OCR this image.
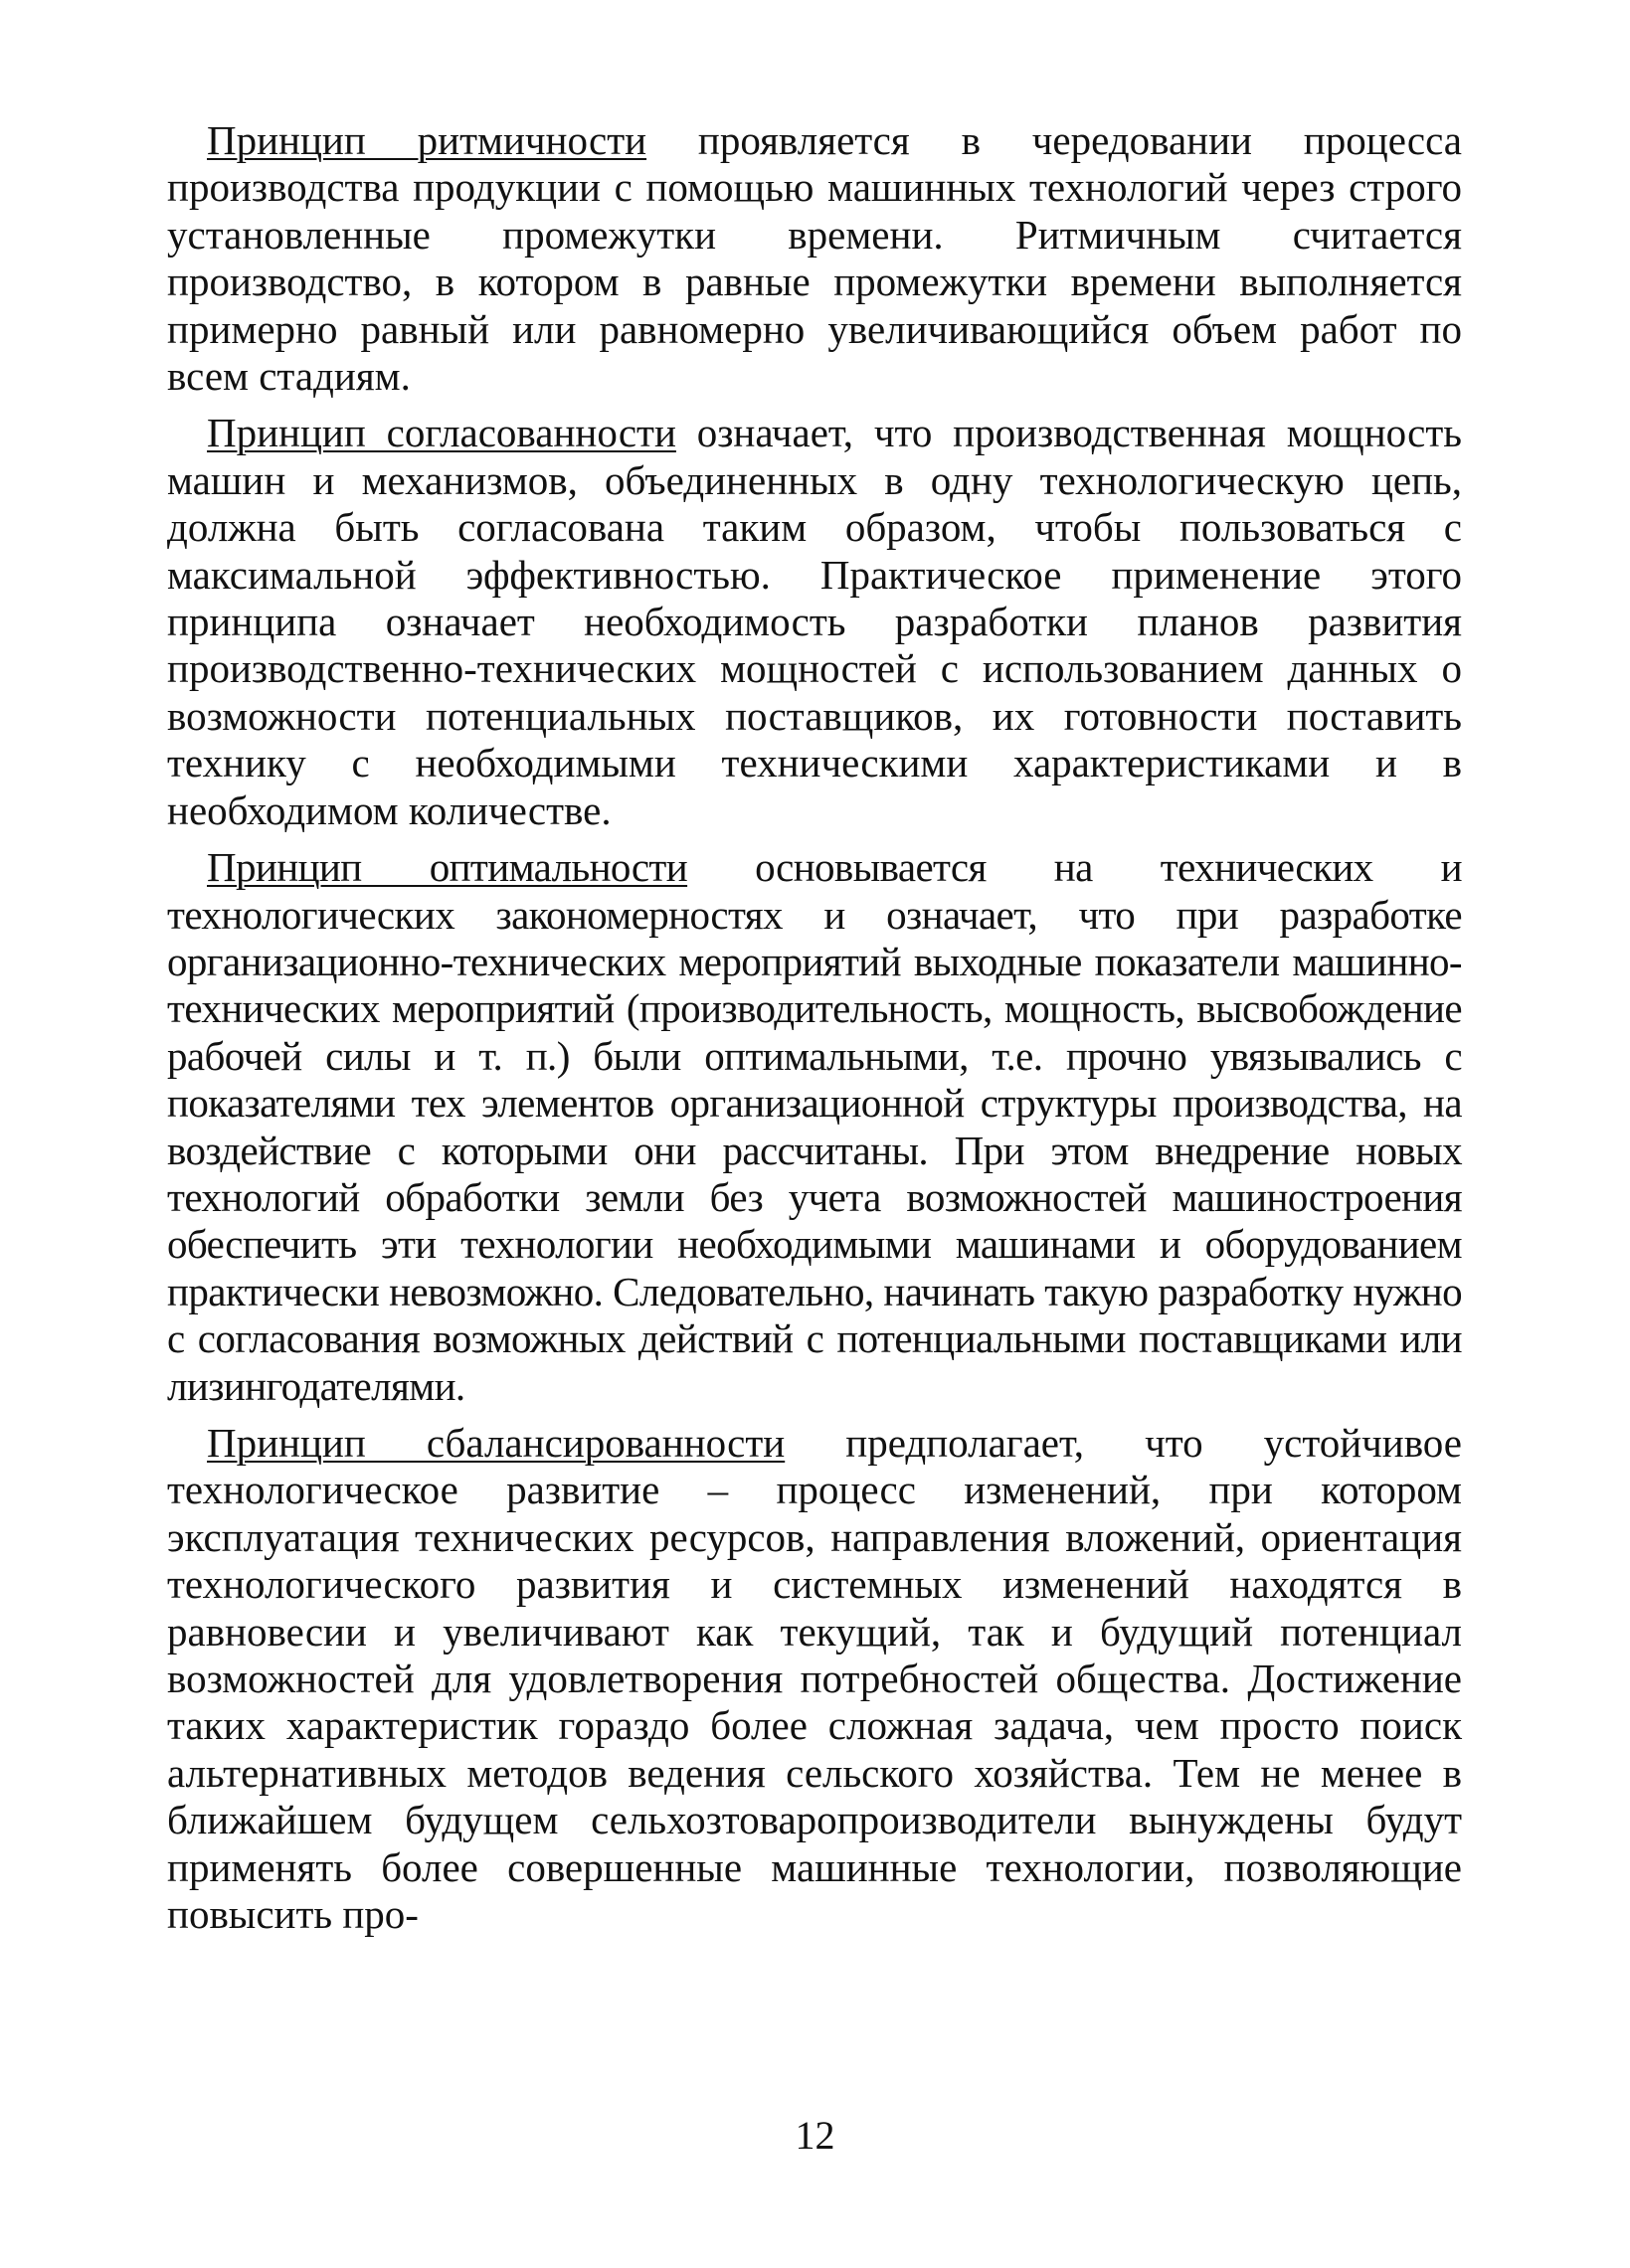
Принцип ритмичности проявляется в чередовании процесса производства продукции с помощью машинных технологий через строго установленные промежутки времени. Ритмичным считается производство, в котором в равные промежутки времени выполняется примерно равный или равномерно увеличивающийся объем работ по всем стадиям.

Принцип согласованности означает, что производственная мощность машин и механизмов, объединенных в одну технологическую цепь, должна быть согласована таким образом, чтобы пользоваться с максимальной эффективностью. Практическое применение этого принципа означает необходимость разработки планов развития производственно-технических мощностей с использованием данных о возможности потенциальных поставщиков, их готовности поставить технику с необходимыми техническими характеристиками и в необходимом количестве.

Принцип оптимальности основывается на технических и технологических закономерностях и означает, что при разработке организационно-технических мероприятий выходные показатели машинно-технических мероприятий (производительность, мощность, высвобождение рабочей силы и т. п.) были оптимальными, т.е. прочно увязывались с показателями тех элементов организационной структуры производства, на воздействие с которыми они рассчитаны. При этом внедрение новых технологий обработки земли без учета возможностей машиностроения обеспечить эти технологии необходимыми машинами и оборудованием практически невозможно. Следовательно, начинать такую разработку нужно с согласования возможных действий с потенциальными поставщиками или лизингодателями.

Принцип сбалансированности предполагает, что устойчивое технологическое развитие – процесс изменений, при котором эксплуатация технических ресурсов, направления вложений, ориентация технологического развития и системных изменений находятся в равновесии и увеличивают как текущий, так и будущий потенциал возможностей для удовлетворения потребностей общества. Достижение таких характеристик гораздо более сложная задача, чем просто поиск альтернативных методов ведения сельского хозяйства. Тем не менее в ближайшем будущем сельхозтоваропроизводители вынуждены будут применять более совершенные машинные технологии, позволяющие повысить про-

12
